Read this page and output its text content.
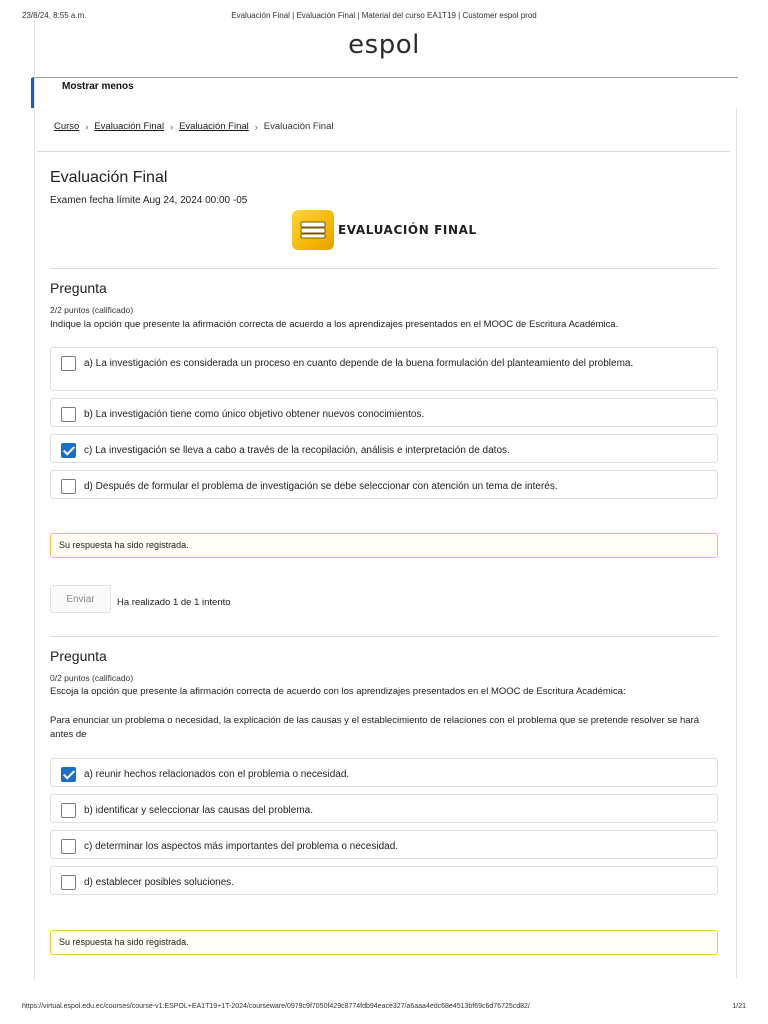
23/8/24, 8:55 a.m.	Evaluación Final | Evaluación Final | Material del curso EA1T19 | Customer espol prod
espol
Mostrar menos
Curso › Evaluación Final › Evaluación Final › Evaluación Final
Evaluación Final
Examen fecha límite Aug 24, 2024 00:00 -05
EVALUACIÓN FINAL
Pregunta
2/2 puntos (calificado)
Indique la opción que presente la afirmación correcta de acuerdo a los aprendizajes presentados en el MOOC de Escritura Académica.
a) La investigación es considerada un proceso en cuanto depende de la buena formulación del planteamiento del problema.
b) La investigación tiene como único objetivo obtener nuevos conocimientos.
c) La investigación se lleva a cabo a través de la recopilación, análisis e interpretación de datos.
d) Después de formular el problema de investigación se debe seleccionar con atención un tema de interés.
Su respuesta ha sido registrada.
Enviar	Ha realizado 1 de 1 intento
Pregunta
0/2 puntos (calificado)
Escoja la opción que presente la afirmación correcta de acuerdo con los aprendizajes presentados en el MOOC de Escritura Académica:
Para enunciar un problema o necesidad, la explicación de las causas y el establecimiento de relaciones con el problema que se pretende resolver se hará antes de
a) reunir hechos relacionados con el problema o necesidad.
b) identificar y seleccionar las causas del problema.
c) determinar los aspectos más importantes del problema o necesidad.
d) establecer posibles soluciones.
Su respuesta ha sido registrada.
https://virtual.espol.edu.ec/courses/course-v1:ESPOL+EA1T19+1T-2024/courseware/0979c9f7050f429c8774fdb94eace327/a6aaa4edc68e4513bf69c6d76725cd82/	1/21
